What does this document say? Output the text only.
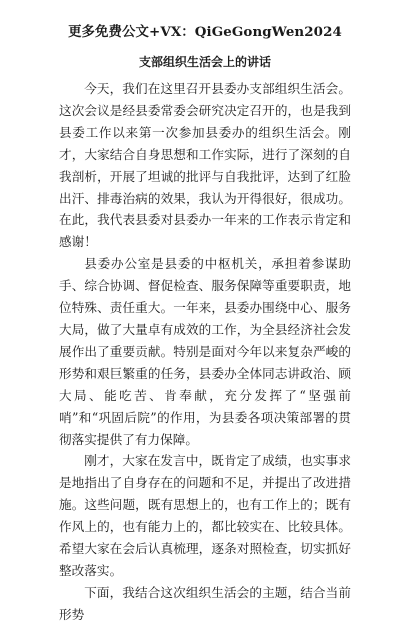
更多免费公文+VX：QiGeGongWen2024
支部组织生活会上的讲话

今天，我们在这里召开县委办支部组织生活会。这次会议是经县委常委会研究决定召开的，也是我到县委工作以来第一次参加县委办的组织生活会。刚才，大家结合自身思想和工作实际，进行了深刻的自我剖析，开展了坦诚的批评与自我批评，达到了红脸出汗、排毒治病的效果，我认为开得很好，很成功。在此，我代表县委对县委办一年来的工作表示肯定和感谢！

县委办公室是县委的中枢机关，承担着参谋助手、综合协调、督促检查、服务保障等重要职责，地位特殊、责任重大。一年来，县委办围绕中心、服务大局，做了大量卓有成效的工作，为全县经济社会发展作出了重要贡献。特别是面对今年以来复杂严峻的形势和艰巨繁重的任务，县委办全体同志讲政治、顾大局、能吃苦、肯奉献，充分发挥了“坚强前哨”和“巩固后院”的作用，为县委各项决策部署的贯彻落实提供了有力保障。

刚才，大家在发言中，既肯定了成绩，也实事求是地指出了自身存在的问题和不足，并提出了改进措施。这些问题，既有思想上的，也有工作上的；既有作风上的，也有能力上的，都比较实在、比较具体。希望大家在会后认真梳理，逐条对照检查，切实抓好整改落实。

下面，我结合这次组织生活会的主题，结合当前形势
